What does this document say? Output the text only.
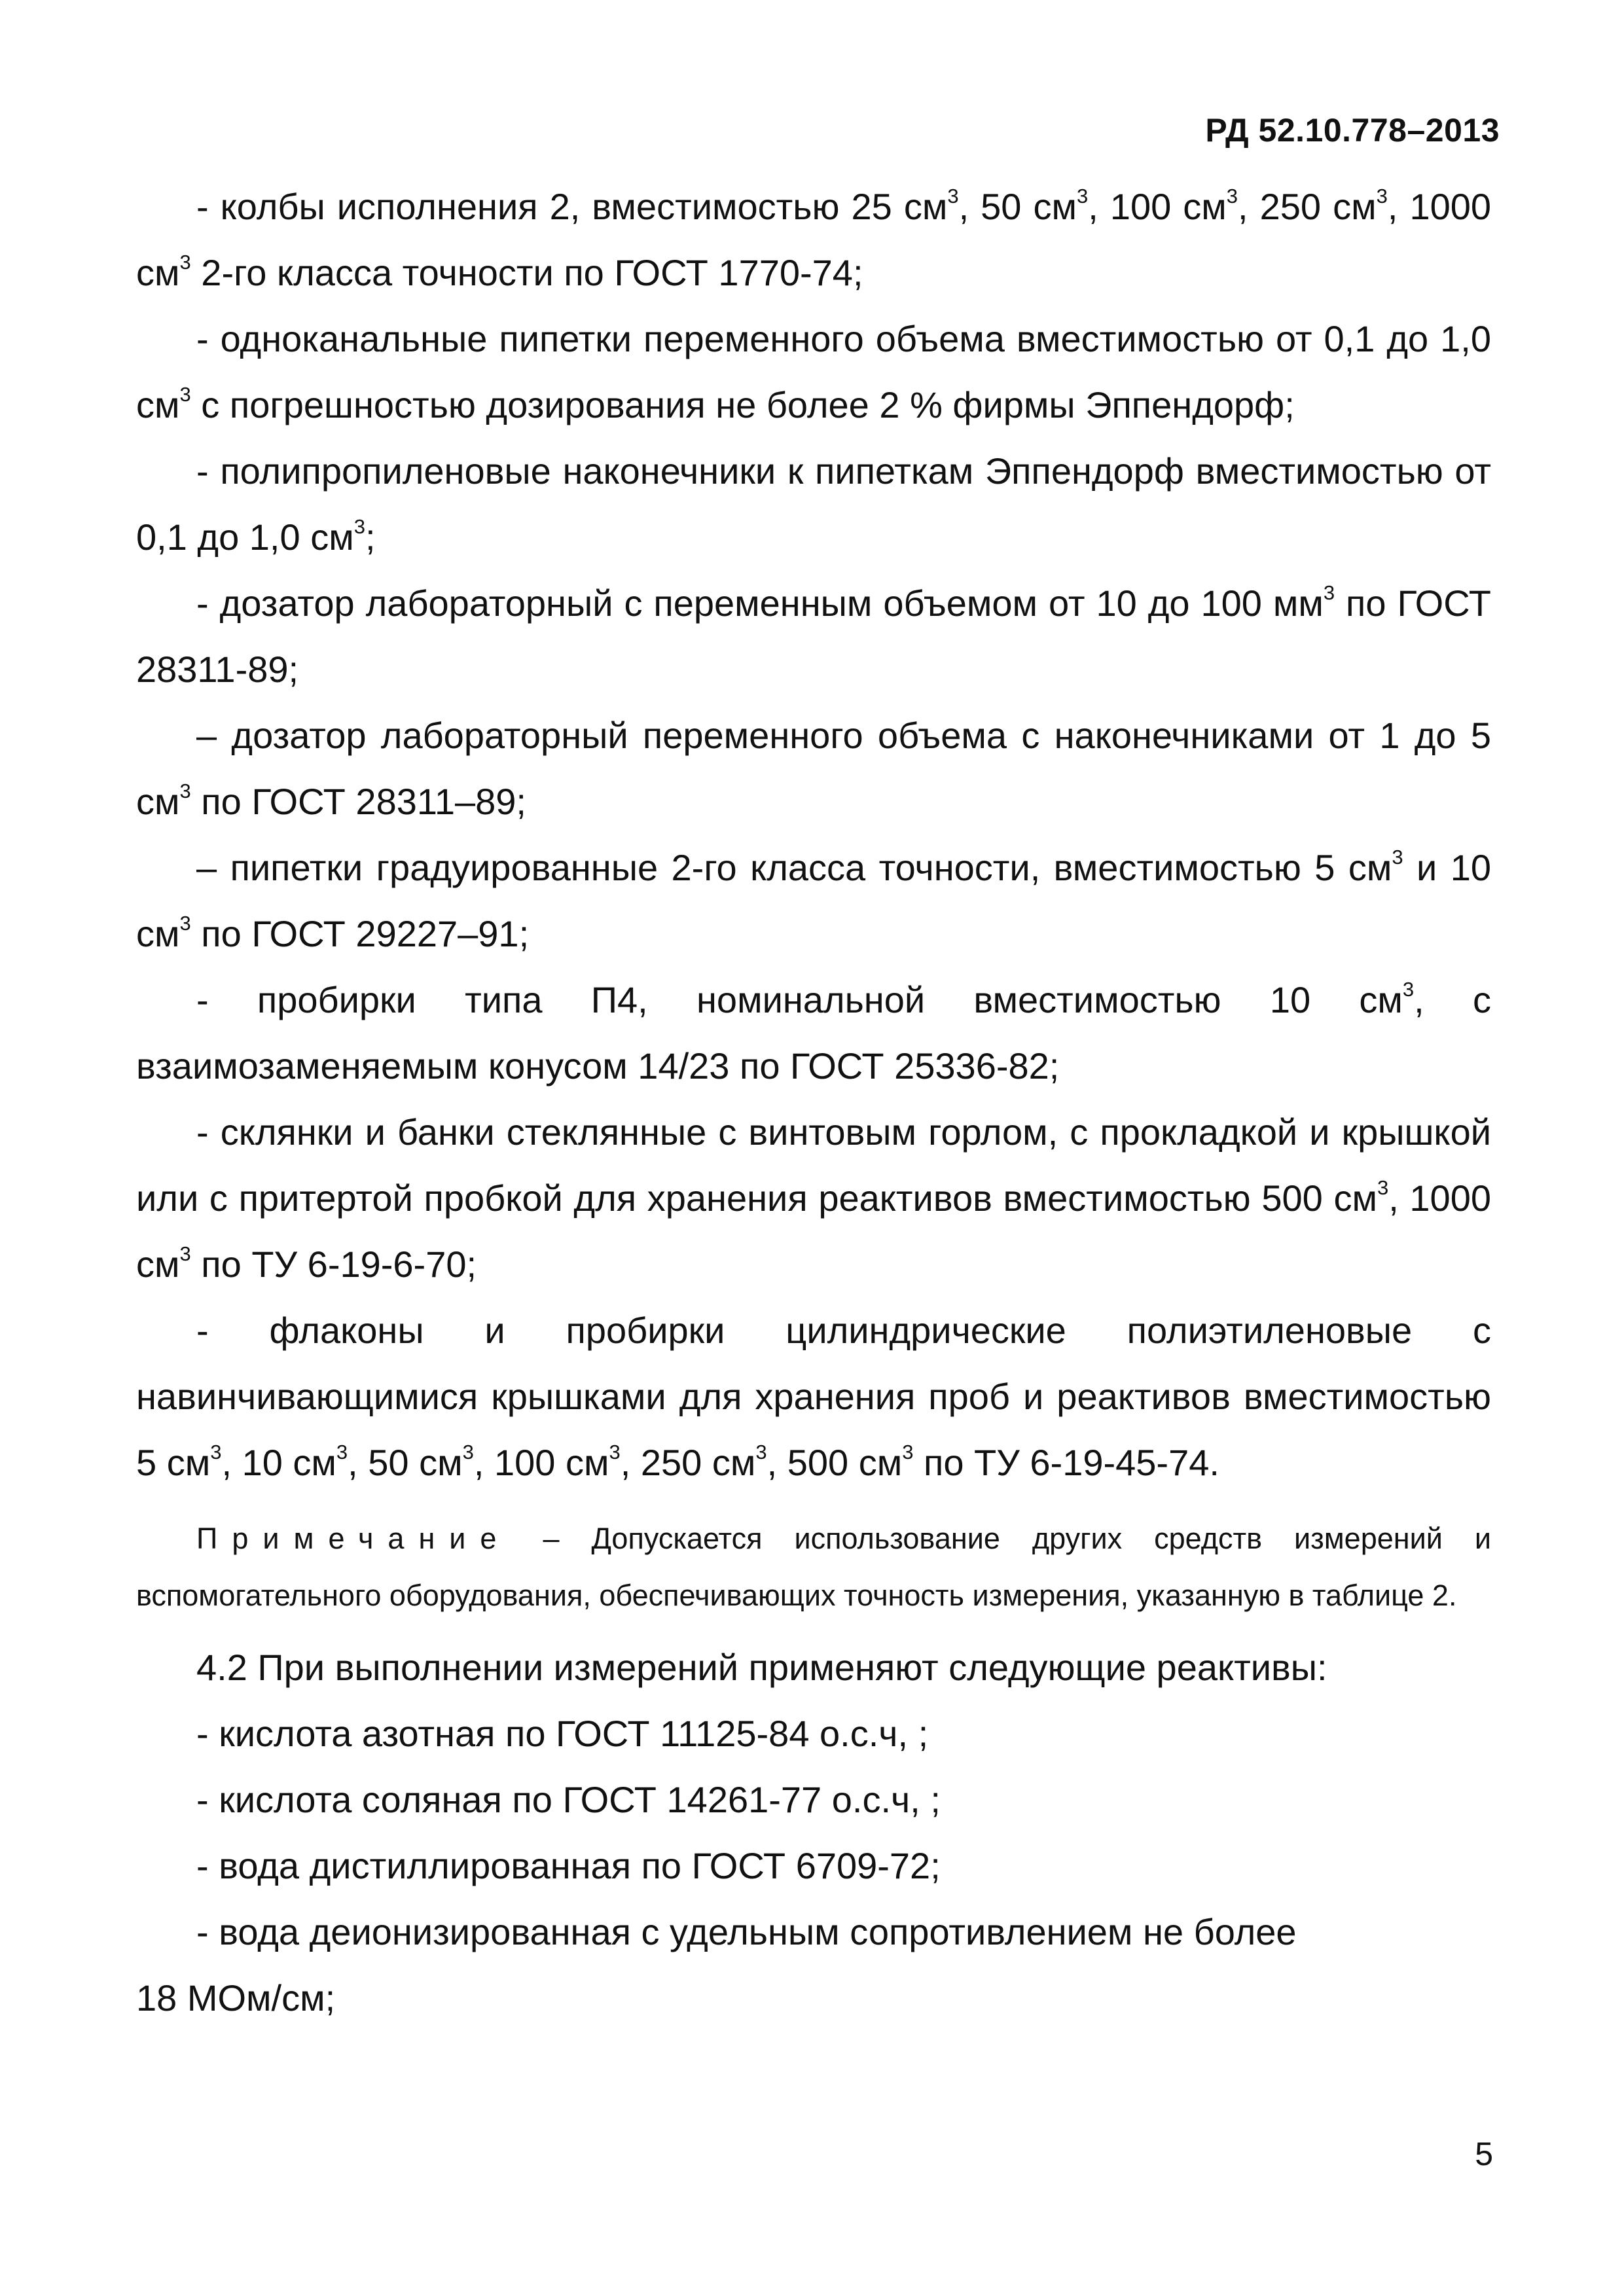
РД 52.10.778–2013

- колбы исполнения 2, вместимостью 25 $см^3$, 50 $см^3$, 100 $см^3$, 250 $см^3$, 1000 $см^3$ 2-го класса точности по ГОСТ 1770-74;

- одноканальные пипетки переменного объема вместимостью от 0,1 до 1,0 $см^3$ с погрешностью дозирования не более 2 % фирмы Эппендорф;

- полипропиленовые наконечники к пипеткам Эппендорф вместимостью от 0,1 до 1,0 $см^3$;

- дозатор лабораторный с переменным объемом от 10 до 100 $мм^3$ по ГОСТ 28311-89;

– дозатор лабораторный переменного объема с наконечниками от 1 до 5 $см^3$ по ГОСТ 28311–89;

– пипетки градуированные 2-го класса точности, вместимостью 5 $см^3$ и 10 $см^3$ по ГОСТ 29227–91;

- пробирки типа П4, номинальной вместимостью 10 $см^3$, с взаимозаменяемым конусом 14/23 по ГОСТ 25336-82;

- склянки и банки стеклянные с винтовым горлом, с прокладкой и крышкой или с притертой пробкой для хранения реактивов вместимостью 500 $см^3$, 1000 $см^3$ по ТУ 6-19-6-70;

- флаконы и пробирки цилиндрические полиэтиленовые с навинчивающимися крышками для хранения проб и реактивов вместимостью 5 $см^3$, 10 $см^3$, 50 $см^3$, 100 $см^3$, 250 $см^3$, 500 $см^3$ по ТУ 6-19-45-74.

Примечание – Допускается использование других средств измерений и вспомогательного оборудования, обеспечивающих точность измерения, указанную в таблице 2.

4.2 При выполнении измерений применяют следующие реактивы:

- кислота азотная по ГОСТ 11125-84 о.с.ч, ;

- кислота соляная по ГОСТ 14261-77 о.с.ч, ;

- вода дистиллированная по ГОСТ 6709-72;

- вода деионизированная с удельным сопротивлением не более

18 МОм/см;

5
